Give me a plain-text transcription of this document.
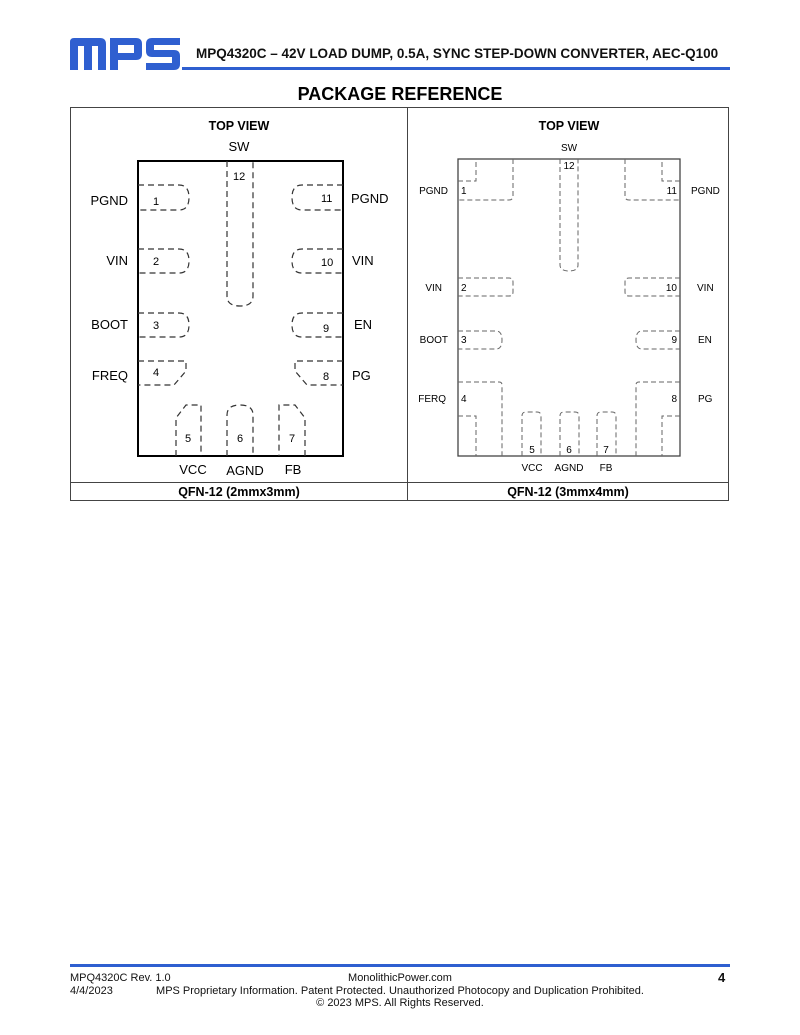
MPQ4320C – 42V LOAD DUMP, 0.5A, SYNC STEP-DOWN CONVERTER, AEC-Q100
PACKAGE REFERENCE
QFN-12 (2mmx3mm)	QFN-12 (3mmx4mm)
TOP VIEW
SW
1
2
3
4
5	6	7
8
9
10
11
12
PGND
VIN
BOOT
FREQ
VCC AGND FB
PG
EN
VIN
PGND
TOP VIEW
SW
1
2
3
4
5	6	7
8
9
10
11
12
PGND
VIN
BOOT
FERQ
VCC AGND FB
PG
EN
VIN
PGND
MPQ4320C Rev. 1.0
4/4/2023
MonolithicPower.com
MPS Proprietary Information. Patent Protected. Unauthorized Photocopy and Duplication Prohibited.
© 2023 MPS. All Rights Reserved.
4
